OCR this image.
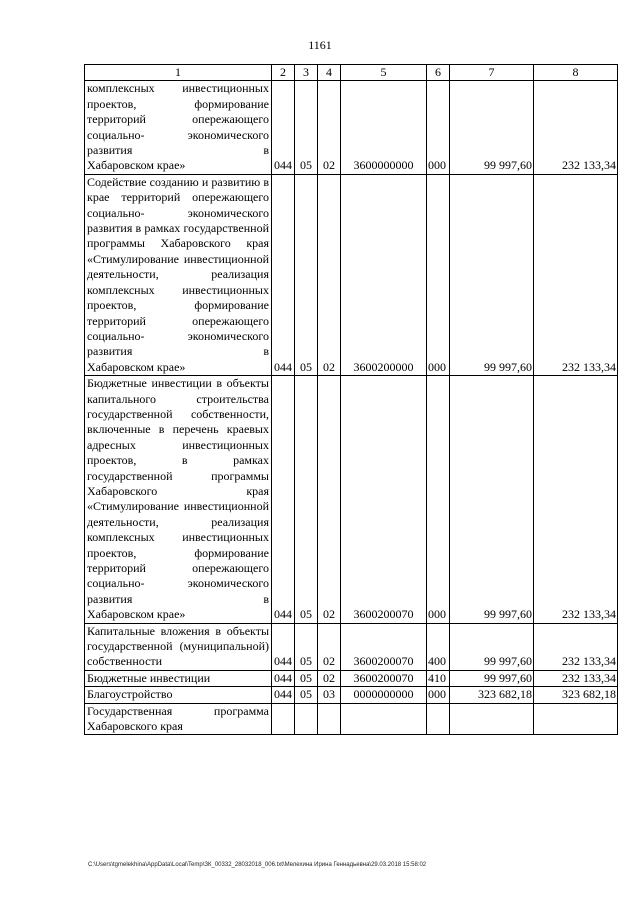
1161
1	2	3	4	5	6	7	8
комплексных инвестиционных проектов, формирование территорий опережающего социально- экономического развития в
Хабаровском крае»	044	05	02	3600000000	000	99 997,60	232 133,34
Содействие созданию и развитию в крае территорий опережающего социально- экономического развития в рамках государственной программы Хабаровского края «Стимулирование инвестиционной деятельности, реализация комплексных инвестиционных проектов, формирование территорий опережающего социально- экономического развития в
Хабаровском крае»	044	05	02	3600200000	000	99 997,60	232 133,34
Бюджетные инвестиции в объекты капитального строительства государственной собственности, включенные в перечень краевых адресных инвестиционных проектов, в рамках государственной программы Хабаровского края «Стимулирование инвестиционной деятельности, реализация комплексных инвестиционных проектов, формирование территорий опережающего социально- экономического развития в
Хабаровском крае»	044	05	02	3600200070	000	99 997,60	232 133,34
Капитальные вложения в объекты государственной (муниципальной)
собственности	044	05	02	3600200070	400	99 997,60	232 133,34

Бюджетные инвестиции	044	05	02	3600200070	410	99 997,60	232 133,34

Благоустройство	044	05	03	0000000000	000	323 682,18	323 682,18
Государственная программа
Хабаровского края							

C:\Users\tgmelekhina\AppData\Local\Temp\ЗК_00332_28032018_006.txt\Мелехина Ирина Геннадьевна\29.03.2018 15:58:02
